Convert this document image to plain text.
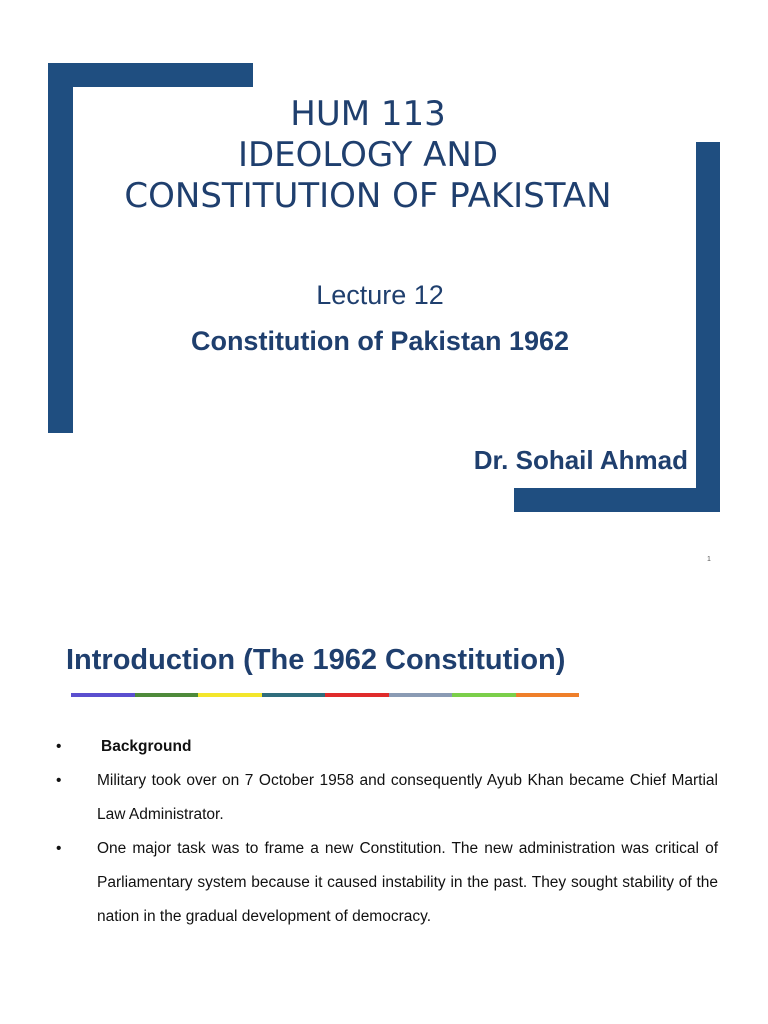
HUM 113
IDEOLOGY AND
CONSTITUTION OF PAKISTAN
Lecture 12
Constitution of Pakistan 1962
Dr. Sohail Ahmad
1
Introduction (The 1962 Constitution)
•	Background
•	Military took over on 7 October 1958 and consequently Ayub Khan became Chief Martial Law Administrator.
•	One major task was to frame a new Constitution. The new administration was critical of Parliamentary system because it caused instability in the past. They sought stability of the nation in the gradual development of democracy.
